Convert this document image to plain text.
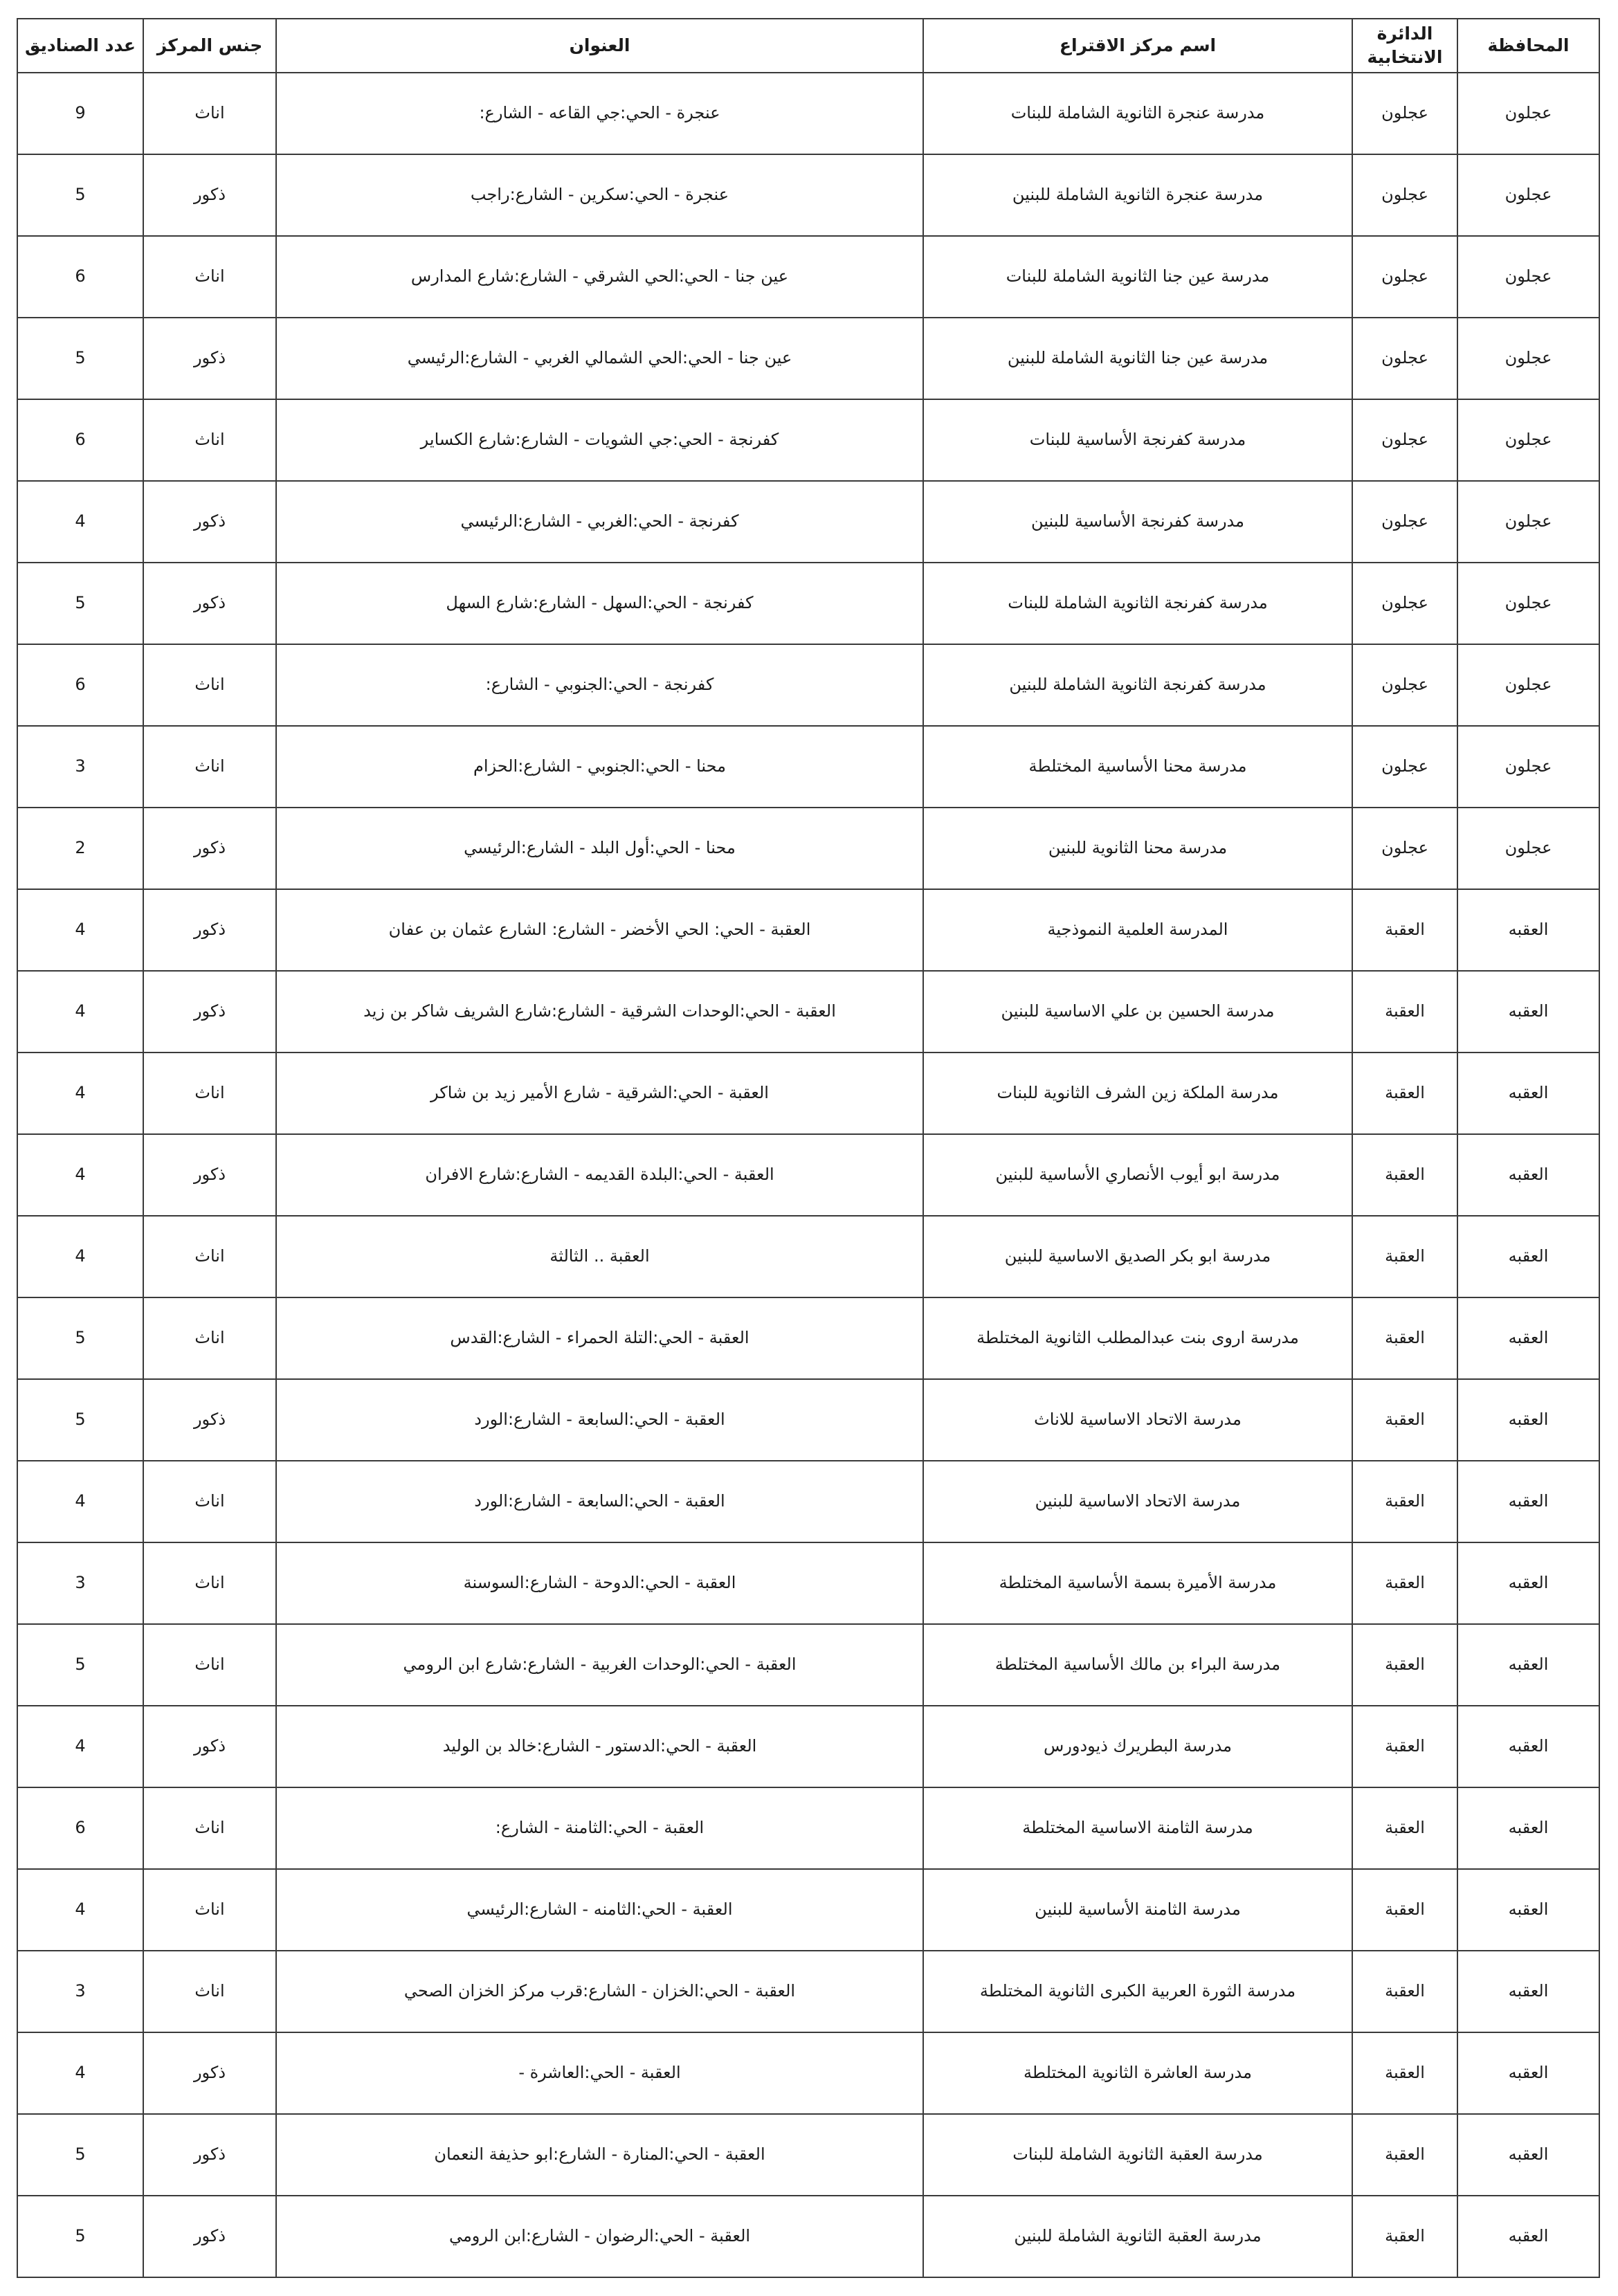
المحافظة	الدائرة الانتخابية	اسم مركز الاقتراع	العنوان	جنس المركز	عدد الصناديق
عجلون	عجلون	مدرسة عنجرة الثانوية الشاملة للبنات	عنجرة - الحي:جي القاعه - الشارع:	اناث	9
عجلون	عجلون	مدرسة عنجرة الثانوية الشاملة للبنين	عنجرة - الحي:سكرين - الشارع:راجب	ذكور	5
عجلون	عجلون	مدرسة عين جنا الثانوية الشاملة للبنات	عين جنا - الحي:الحي الشرقي - الشارع:شارع المدارس	اناث	6
عجلون	عجلون	مدرسة عين جنا الثانوية الشاملة للبنين	عين جنا - الحي:الحي الشمالي الغربي - الشارع:الرئيسي	ذكور	5
عجلون	عجلون	مدرسة كفرنجة الأساسية للبنات	كفرنجة - الحي:جي الشويات - الشارع:شارع الكساير	اناث	6
عجلون	عجلون	مدرسة كفرنجة الأساسية للبنين	كفرنجة - الحي:الغربي - الشارع:الرئيسي	ذكور	4
عجلون	عجلون	مدرسة كفرنجة الثانوية الشاملة للبنات	كفرنجة - الحي:السهل - الشارع:شارع السهل	ذكور	5
عجلون	عجلون	مدرسة كفرنجة الثانوية الشاملة للبنين	كفرنجة - الحي:الجنوبي - الشارع:	اناث	6
عجلون	عجلون	مدرسة محنا الأساسية المختلطة	محنا - الحي:الجنوبي - الشارع:الحزام	اناث	3
عجلون	عجلون	مدرسة محنا الثانوية للبنين	محنا - الحي:أول البلد - الشارع:الرئيسي	ذكور	2
العقبه	العقبة	المدرسة العلمية النموذجية	العقبة - الحي: الحي الأخضر - الشارع: الشارع عثمان بن عفان	ذكور	4
العقبه	العقبة	مدرسة الحسين بن علي الاساسية للبنين	العقبة - الحي:الوحدات الشرقية - الشارع:شارع الشريف شاكر بن زيد	ذكور	4
العقبه	العقبة	مدرسة الملكة زين الشرف الثانوية للبنات	العقبة - الحي:الشرقية - شارع الأمير زيد بن شاكر	اناث	4
العقبه	العقبة	مدرسة ابو أيوب الأنصاري الأساسية للبنين	العقبة - الحي:البلدة القديمه - الشارع:شارع الافران	ذكور	4
العقبه	العقبة	مدرسة ابو بكر الصديق الاساسية للبنين	العقبة .. الثالثة	اناث	4
العقبه	العقبة	مدرسة اروى بنت عبدالمطلب الثانوية المختلطة	العقبة - الحي:التلة الحمراء - الشارع:القدس	اناث	5
العقبه	العقبة	مدرسة الاتحاد الاساسية للاناث	العقبة - الحي:السابعة - الشارع:الورد	ذكور	5
العقبه	العقبة	مدرسة الاتحاد الاساسية للبنين	العقبة - الحي:السابعة - الشارع:الورد	اناث	4
العقبه	العقبة	مدرسة الأميرة بسمة الأساسية المختلطة	العقبة - الحي:الدوحة - الشارع:السوسنة	اناث	3
العقبه	العقبة	مدرسة البراء بن مالك الأساسية المختلطة	العقبة - الحي:الوحدات الغربية - الشارع:شارع ابن الرومي	اناث	5
العقبه	العقبة	مدرسة البطريرك ذيودورس	العقبة - الحي:الدستور - الشارع:خالد بن الوليد	ذكور	4
العقبه	العقبة	مدرسة الثامنة الاساسية المختلطة	العقبة - الحي:الثامنة - الشارع:	اناث	6
العقبه	العقبة	مدرسة الثامنة الأساسية للبنين	العقبة - الحي:الثامنه - الشارع:الرئيسي	اناث	4
العقبه	العقبة	مدرسة الثورة العربية الكبرى الثانوية المختلطة	العقبة - الحي:الخزان - الشارع:قرب مركز الخزان الصحي	اناث	3
العقبه	العقبة	مدرسة العاشرة الثانوية المختلطة	العقبة - الحي:العاشرة -	ذكور	4
العقبه	العقبة	مدرسة العقبة الثانوية الشاملة للبنات	العقبة - الحي:المنارة - الشارع:ابو حذيفة النعمان	ذكور	5
العقبه	العقبة	مدرسة العقبة الثانوية الشاملة للبنين	العقبة - الحي:الرضوان - الشارع:ابن الرومي	ذكور	5
